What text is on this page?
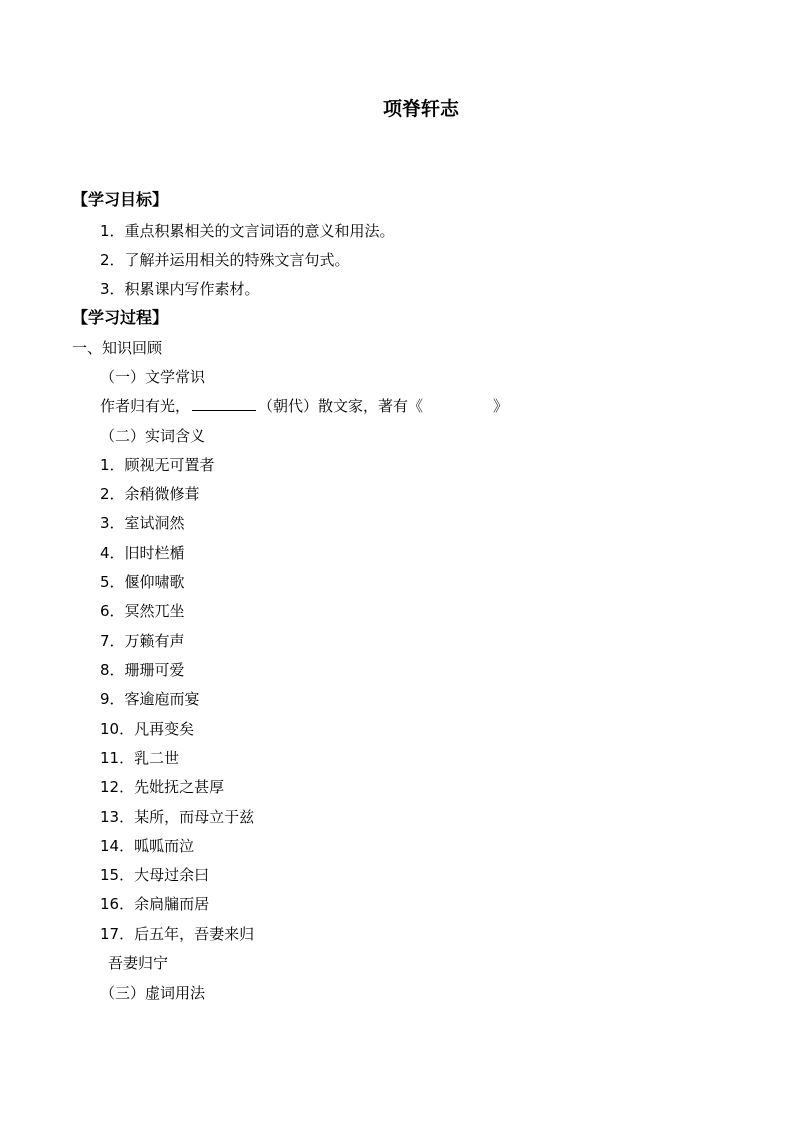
项脊轩志
【学习目标】
1．重点积累相关的文言词语的意义和用法。
2．了解并运用相关的特殊文言句式。
3．积累课内写作素材。
【学习过程】
一、知识回顾
（一）文学常识
作者归有光，	（朝代）散文家，著有《	》
（二）实词含义
1．顾视无可置者
2．余稍微修葺
3．室试洞然
4．旧时栏楯
5．偃仰啸歌
6．冥然兀坐
7．万籁有声
8．珊珊可爱
9．客逾庖而宴
10．凡再变矣
11．乳二世
12．先妣抚之甚厚
13．某所，而母立于兹
14．呱呱而泣
15．大母过余曰
16．余扃牖而居
17．后五年，吾妻来归
吾妻归宁
（三）虚词用法
